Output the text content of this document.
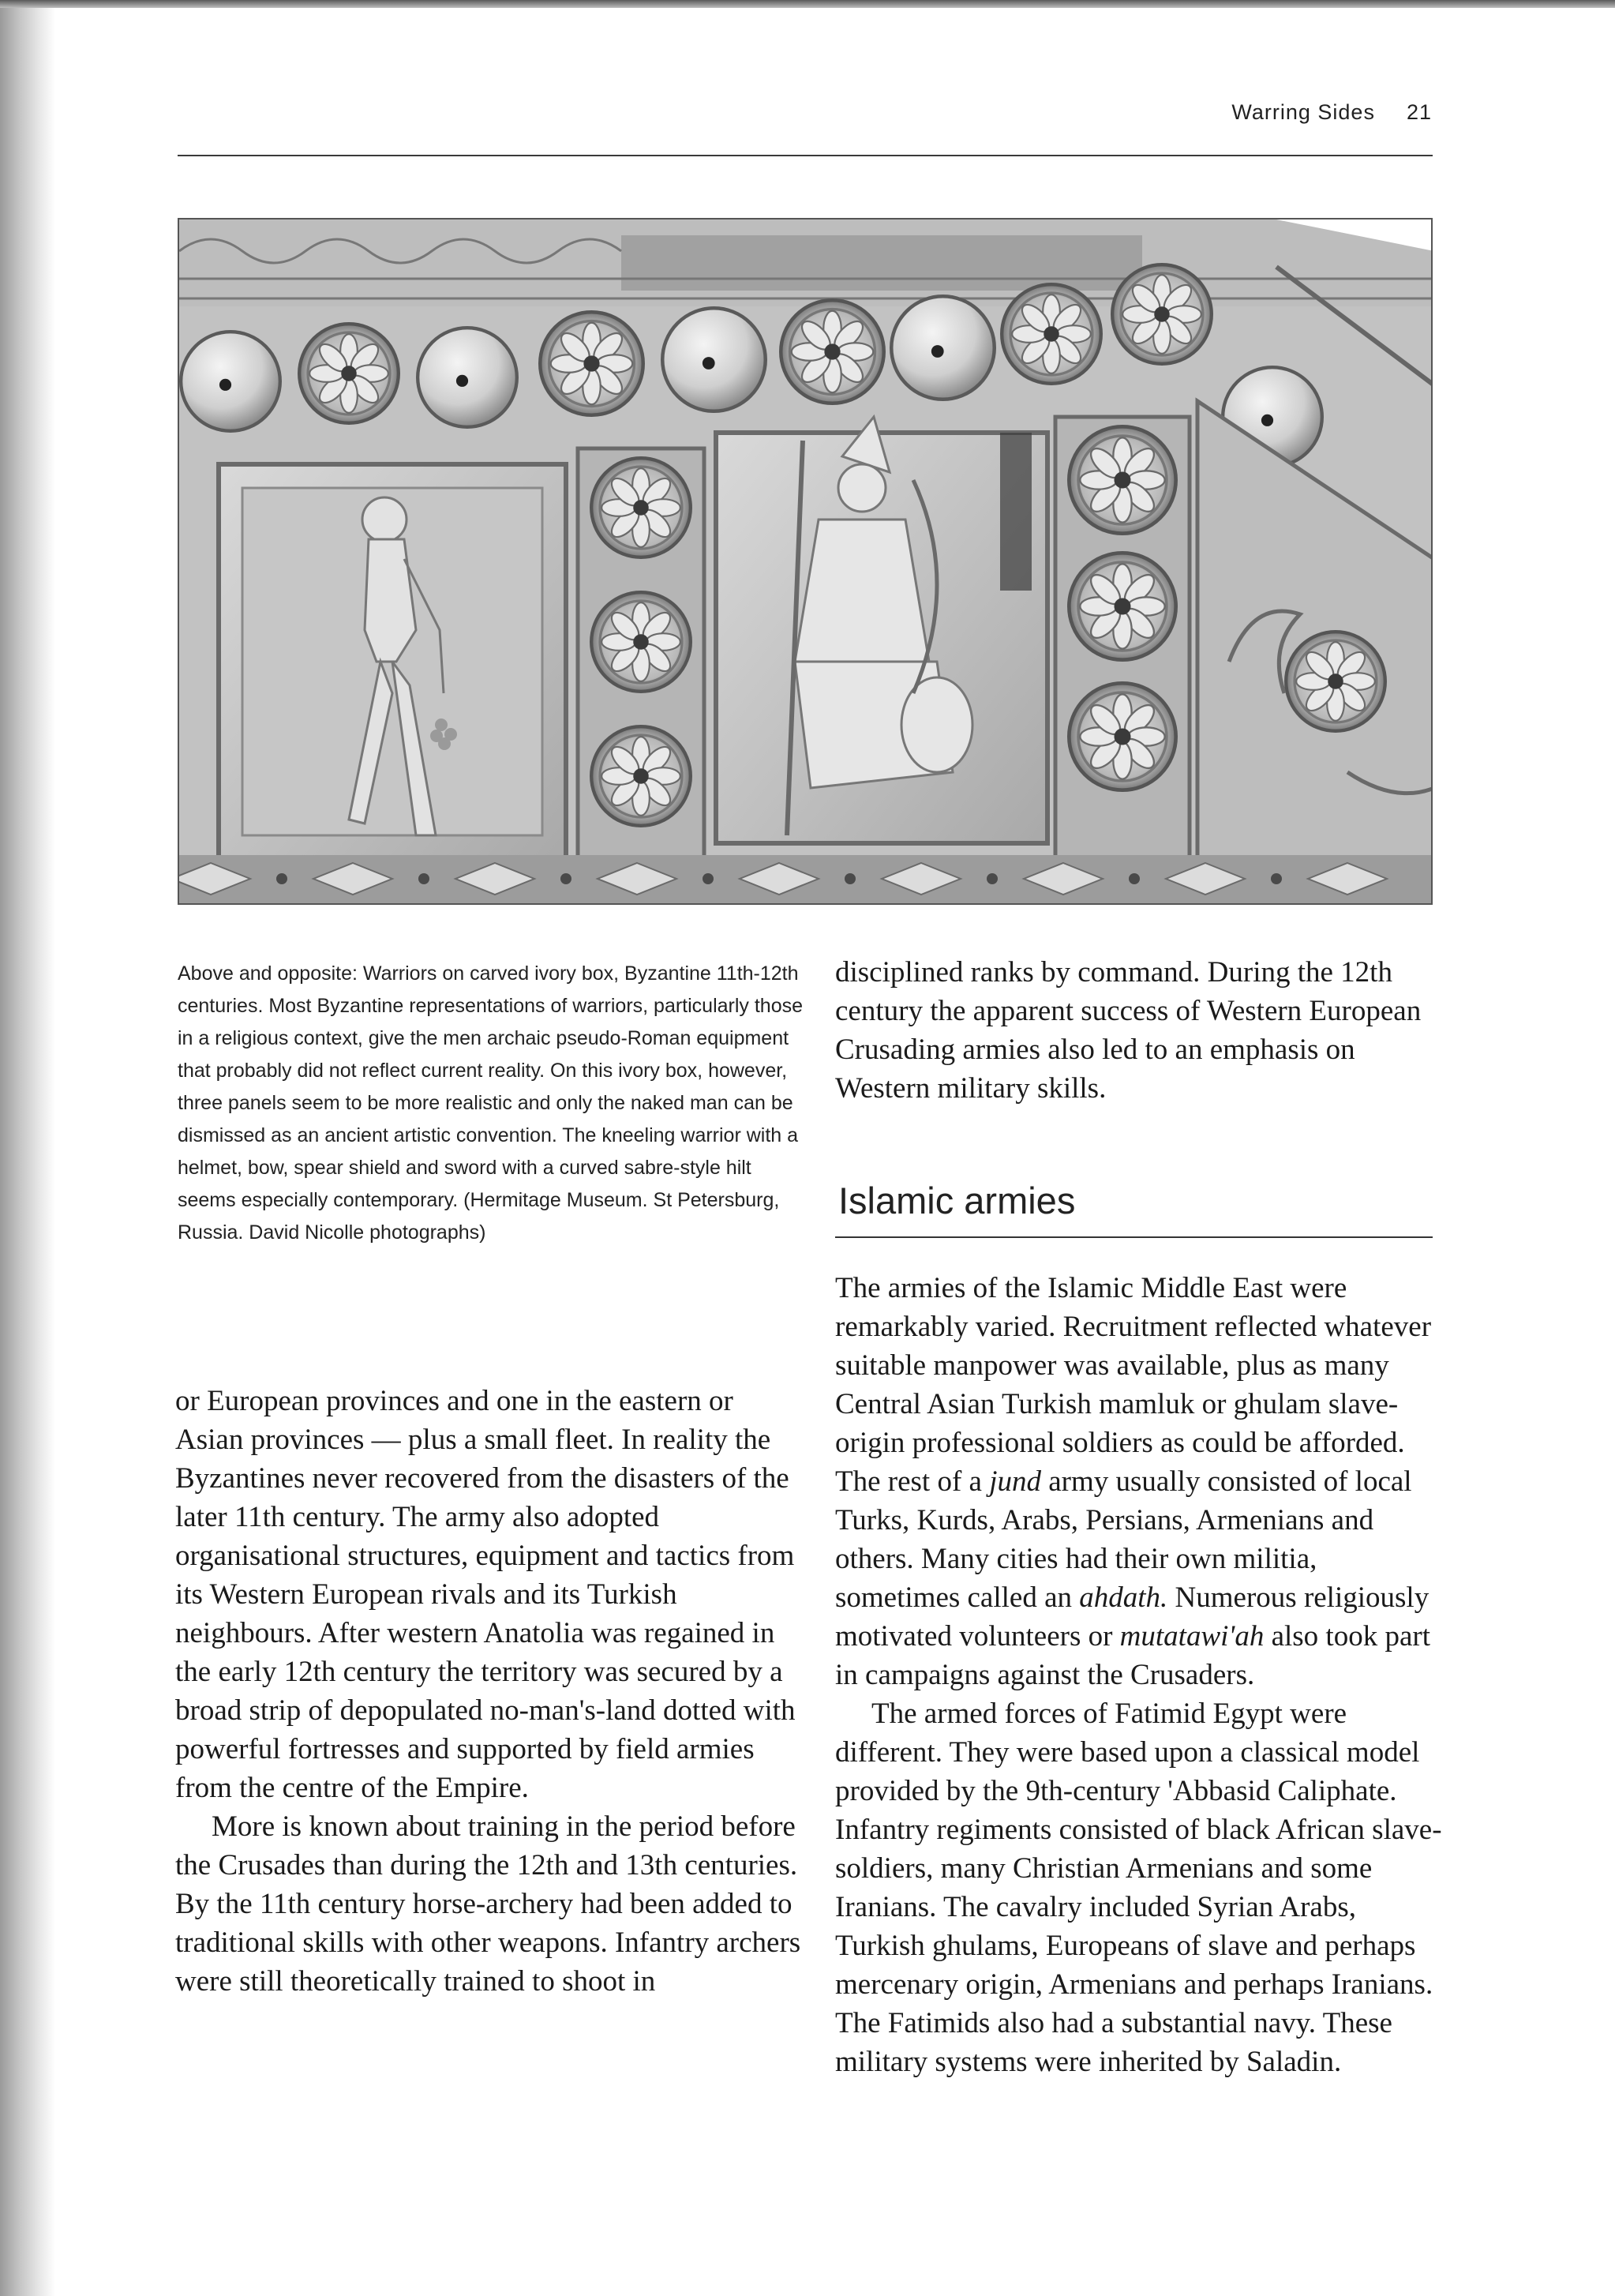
Warring Sides 21
Above and opposite: Warriors on carved ivory box, Byzantine 11th-12th centuries. Most Byzantine representations of warriors, particularly those in a religious context, give the men archaic pseudo-Roman equipment that probably did not reflect current reality. On this ivory box, however, three panels seem to be more realistic and only the naked man can be dismissed as an ancient artistic convention. The kneeling warrior with a helmet, bow, spear shield and sword with a curved sabre-style hilt seems especially contemporary. (Hermitage Museum. St Petersburg, Russia. David Nicolle photographs)

or European provinces and one in the eastern or Asian provinces — plus a small fleet. In reality the Byzantines never recovered from the disasters of the later 11th century. The army also adopted organisational structures, equipment and tactics from its Western European rivals and its Turkish neighbours. After western Anatolia was regained in the early 12th century the territory was secured by a broad strip of depopulated no-man's-land dotted with powerful fortresses and supported by field armies from the centre of the Empire.

More is known about training in the period before the Crusades than during the 12th and 13th centuries. By the 11th century horse-archery had been added to traditional skills with other weapons. Infantry archers were still theoretically trained to shoot in

disciplined ranks by command. During the 12th century the apparent success of Western European Crusading armies also led to an emphasis on Western military skills.

Islamic armies

The armies of the Islamic Middle East were remarkably varied. Recruitment reflected whatever suitable manpower was available, plus as many Central Asian Turkish mamluk or ghulam slave-origin professional soldiers as could be afforded. The rest of a jund army usually consisted of local Turks, Kurds, Arabs, Persians, Armenians and others. Many cities had their own militia, sometimes called an ahdath. Numerous religiously motivated volunteers or mutatawi'ah also took part in campaigns against the Crusaders.

The armed forces of Fatimid Egypt were different. They were based upon a classical model provided by the 9th-century 'Abbasid Caliphate. Infantry regiments consisted of black African slave-soldiers, many Christian Armenians and some Iranians. The cavalry included Syrian Arabs, Turkish ghulams, Europeans of slave and perhaps mercenary origin, Armenians and perhaps Iranians. The Fatimids also had a substantial navy. These military systems were inherited by Saladin.
